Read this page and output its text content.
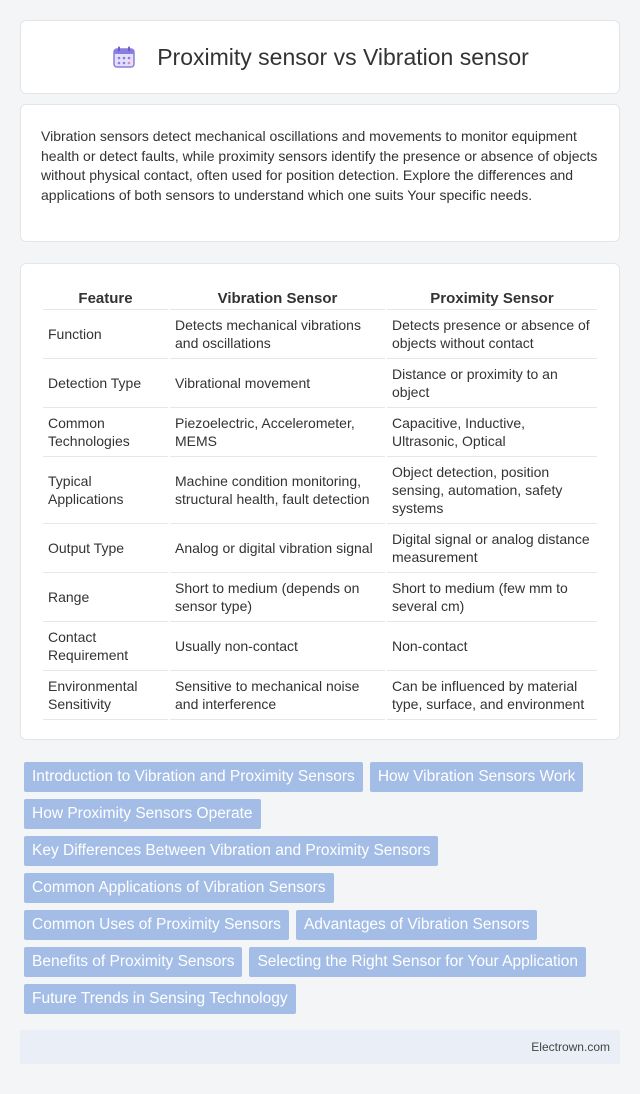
Proximity sensor vs Vibration sensor

Vibration sensors detect mechanical oscillations and movements to monitor equipment health or detect faults, while proximity sensors identify the presence or absence of objects without physical contact, often used for position detection. Explore the differences and applications of both sensors to understand which one suits Your specific needs.

Feature	Vibration Sensor	Proximity Sensor
Function	Detects mechanical vibrations and oscillations	Detects presence or absence of objects without contact
Detection Type	Vibrational movement	Distance or proximity to an object
Common Technologies	Piezoelectric, Accelerometer, MEMS	Capacitive, Inductive, Ultrasonic, Optical
Typical Applications	Machine condition monitoring, structural health, fault detection	Object detection, position sensing, automation, safety systems
Output Type	Analog or digital vibration signal	Digital signal or analog distance measurement
Range	Short to medium (depends on sensor type)	Short to medium (few mm to several cm)
Contact Requirement	Usually non-contact	Non-contact
Environmental Sensitivity	Sensitive to mechanical noise and interference	Can be influenced by material type, surface, and environment
Introduction to Vibration and Proximity Sensors	How Vibration Sensors Work
How Proximity Sensors Operate
Key Differences Between Vibration and Proximity Sensors
Common Applications of Vibration Sensors
Common Uses of Proximity Sensors	Advantages of Vibration Sensors
Benefits of Proximity Sensors	Selecting the Right Sensor for Your Application
Future Trends in Sensing Technology
Electrown.com
